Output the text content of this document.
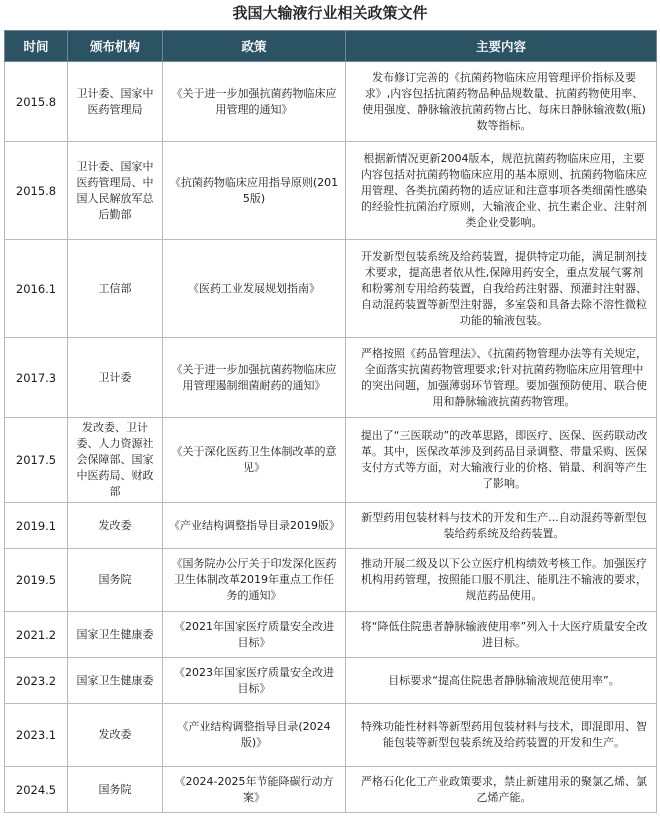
我国大输液行业相关政策文件
时间	颁布机构	政策	主要内容
2015.8	卫计委、国家中医药管理局	《关于进一步加强抗菌药物临床应用管理的通知》	发布修订完善的《抗菌药物临床应用管理评价指标及要求》,内容包括抗菌药物品种品规数量、抗菌药物使用率、使用强度、静脉输液抗菌药物占比、每床日静脉输液数(瓶)数等指标。
2015.8	卫计委、国家中医药管理局、中国人民解放军总后勤部	《抗菌药物临床应用指导原则(2015版)	根据新情况更新2004版本，规范抗菌药物临床应用，主要内容包括对抗菌药物临床应用的基本原则、抗菌药物临床应用管理、各类抗菌药物的适应证和注意事项各类细菌性感染的经验性抗菌治疗原则，大输液企业、抗生素企业、注射剂类企业受影响。
2016.1	工信部	《医药工业发展规划指南》	开发新型包装系统及给药装置，提供特定功能，满足制剂技术要求，提高患者依从性,保障用药安全，重点发展气雾剂和粉雾剂专用给药装置，自我给药注射器、预灌封注射器、自动混药装置等新型注射器，多室袋和具备去除不溶性微粒功能的输液包装。
2017.3	卫计委	《关于进一步加强抗菌药物临床应用管理遏制细菌耐药的通知》	严格按照《药品管理法》、《抗菌药物管理办法等有关规定，全面落实抗菌药物管理要求;针对抗菌药物临床应用管理中的突出问题，加强薄弱环节管理。要加强预防使用、联合使用和静脉输液抗菌药物管理。
2017.5	发改委、卫计委、人力资源社会保障部、国家中医药局、财政部	《关于深化医药卫生体制改革的意见》	提出了“三医联动”的改革思路，即医疗、医保、医药联动改革。其中，医保改革涉及到药品目录调整、带量采购、医保支付方式等方面，对大输液行业的价格、销量、利润等产生了影响。
2019.1	发改委	《产业结构调整指导目录2019版》	新型药用包装材料与技术的开发和生产...自动混药等新型包装给药系统及给药装置。
2019.5	国务院	《国务院办公厅关于印发深化医药卫生体制改革2019年重点工作任务的通知》	推动开展二级及以下公立医疗机构绩效考核工作。加强医疗机构用药管理，按照能口服不肌注、能肌注不输液的要求，规范药品使用。
2021.2	国家卫生健康委	《2021年国家医疗质量安全改进目标》	将“降低住院患者静脉输液使用率”列入十大医疗质量安全改进目标。
2023.2	国家卫生健康委	《2023年国家医疗质量安全改进目标》	目标要求“提高住院患者静脉输液规范使用率”。
2023.1	发改委	《产业结构调整指导目录(2024版)》	特殊功能性材料等新型药用包装材料与技术，即混即用、智能包装等新型包装系统及给药装置的开发和生产。
2024.5	国务院	《2024-2025年节能降碳行动方案》	严格石化化工产业政策要求，禁止新建用汞的聚氯乙烯、氯乙烯产能。
